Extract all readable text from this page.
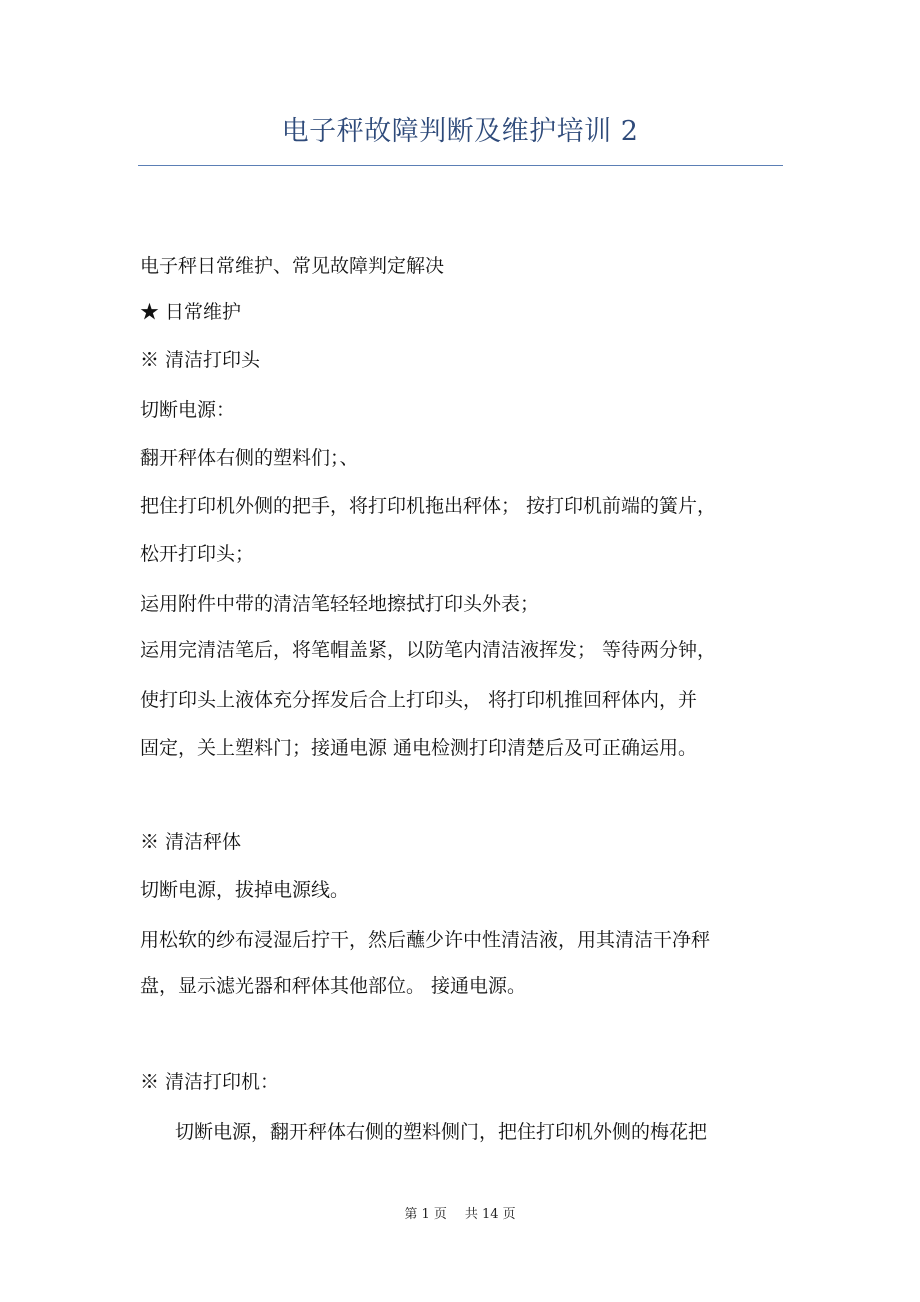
电子秤故障判断及维护培训 2
电子秤日常维护、常见故障判定解决
★ 日常维护
※ 清洁打印头
切断电源：
翻开秤体右侧的塑料们；、
把住打印机外侧的把手，将打印机拖出秤体； 按打印机前端的簧片，
松开打印头；
运用附件中带的清洁笔轻轻地擦拭打印头外表；
运用完清洁笔后，将笔帽盖紧，以防笔内清洁液挥发； 等待两分钟，
使打印头上液体充分挥发后合上打印头， 将打印机推回秤体内，并
固定，关上塑料门；接通电源 通电检测打印清楚后及可正确运用。
※ 清洁秤体
切断电源，拔掉电源线。
用松软的纱布浸湿后拧干，然后蘸少许中性清洁液，用其清洁干净秤
盘，显示滤光器和秤体其他部位。 接通电源。
※ 清洁打印机：
切断电源，翻开秤体右侧的塑料侧门，把住打印机外侧的梅花把
第 1 页 共 14 页
